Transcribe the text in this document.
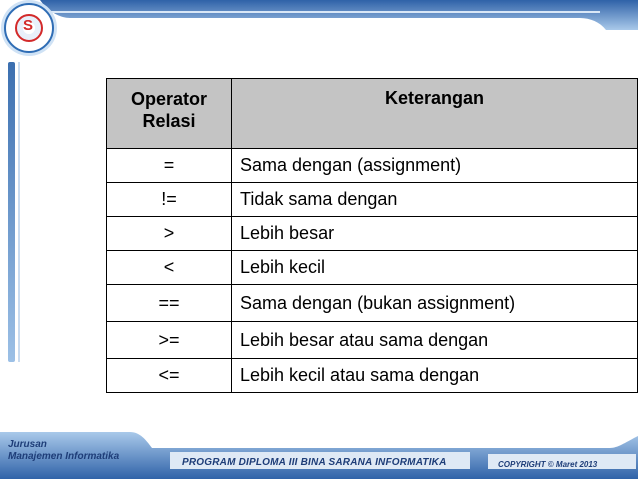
S
Operator Relasi	Keterangan
=	Sama dengan (assignment)
!=	Tidak sama dengan
>	Lebih besar
<	Lebih kecil
==	Sama dengan (bukan assignment)
>=	Lebih besar atau sama dengan
<=	Lebih kecil atau sama dengan
Jurusan
Manajemen Informatika
PROGRAM DIPLOMA III BINA SARANA INFORMATIKA	COPYRIGHT © Maret 2013
